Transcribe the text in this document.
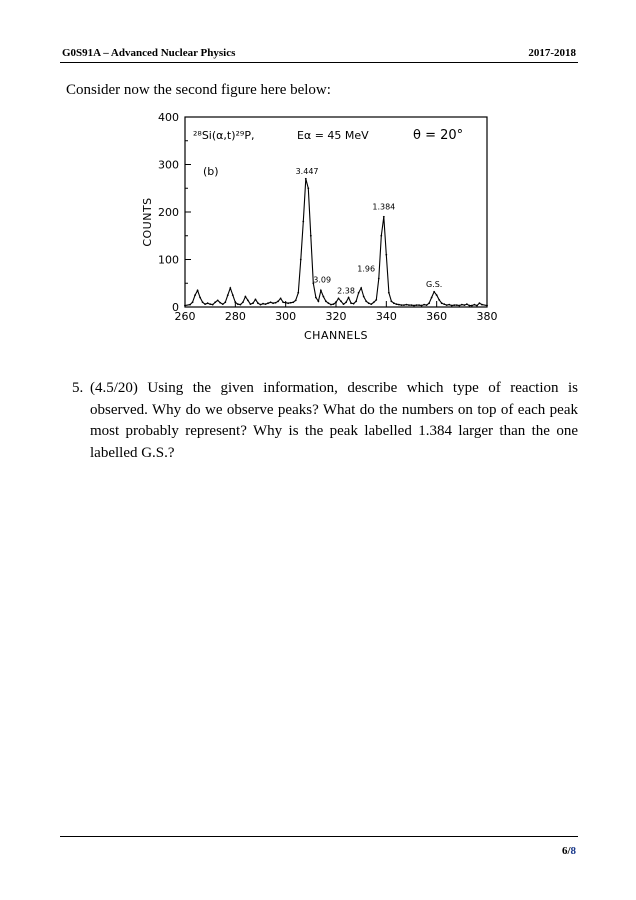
G0S91A – Advanced Nuclear Physics	2017-2018
Consider now the second figure here below:
260	280	300	320	340	360	380
0
100
200
300
400
CHANNELS
COUNTS
3.447
1.384
1.96
3.09
2.38
G.S.
²⁸Si(α,t)²⁹P,	Eα = 45 MeV	θ = 20°
(b)
5. (4.5/20) Using the given information, describe which type of reaction is observed. Why do we observe peaks? What do the numbers on top of each peak most probably represent? Why is the peak labelled 1.384 larger than the one labelled G.S.?
6/8
